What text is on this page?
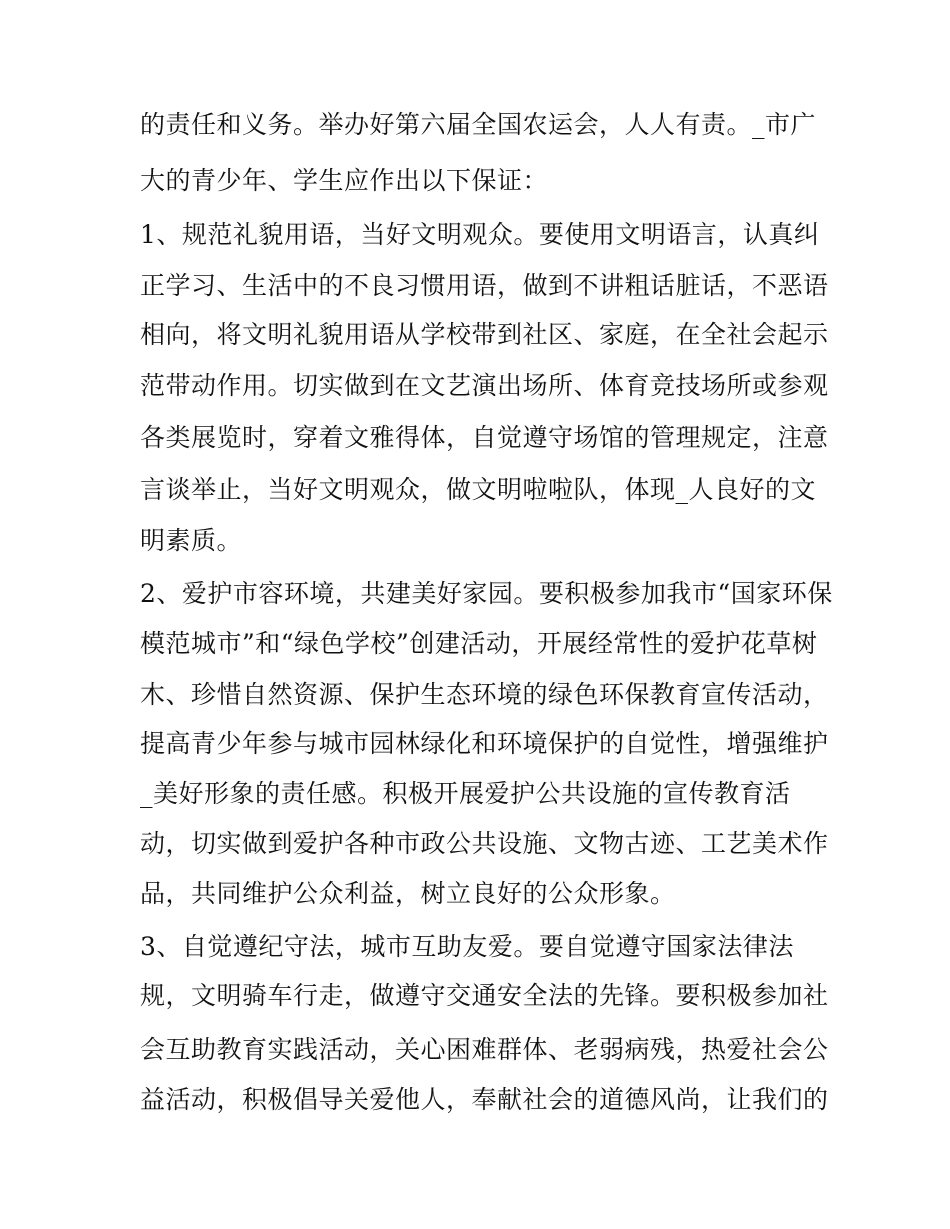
的责任和义务。举办好第六届全国农运会，人人有责。_市广
大的青少年、学生应作出以下保证：
1、规范礼貌用语，当好文明观众。要使用文明语言，认真纠
正学习、生活中的不良习惯用语，做到不讲粗话脏话，不恶语
相向，将文明礼貌用语从学校带到社区、家庭，在全社会起示
范带动作用。切实做到在文艺演出场所、体育竞技场所或参观
各类展览时，穿着文雅得体，自觉遵守场馆的管理规定，注意
言谈举止，当好文明观众，做文明啦啦队，体现_人良好的文
明素质。
2、爱护市容环境，共建美好家园。要积极参加我市“国家环保
模范城市”和“绿色学校”创建活动，开展经常性的爱护花草树
木、珍惜自然资源、保护生态环境的绿色环保教育宣传活动，
提高青少年参与城市园林绿化和环境保护的自觉性，增强维护
_美好形象的责任感。积极开展爱护公共设施的宣传教育活
动，切实做到爱护各种市政公共设施、文物古迹、工艺美术作
品，共同维护公众利益，树立良好的公众形象。
3、自觉遵纪守法，城市互助友爱。要自觉遵守国家法律法
规，文明骑车行走，做遵守交通安全法的先锋。要积极参加社
会互助教育实践活动，关心困难群体、老弱病残，热爱社会公
益活动，积极倡导关爱他人，奉献社会的道德风尚，让我们的
